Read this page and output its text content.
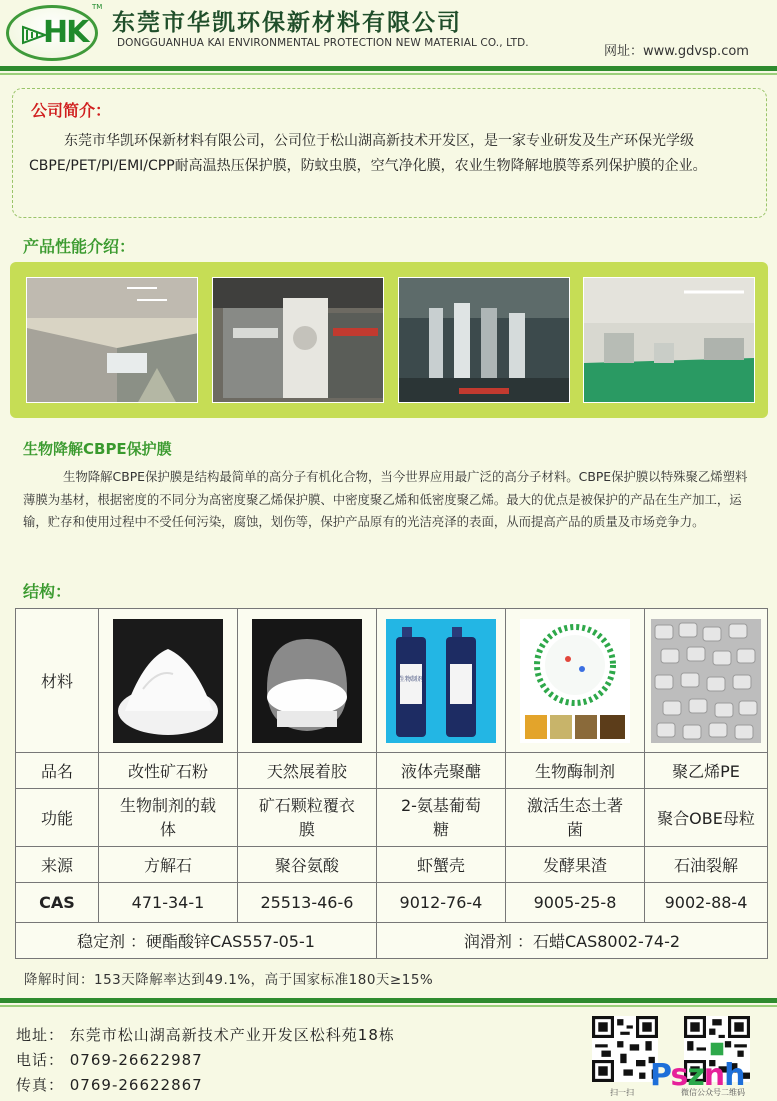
HK
TM
东莞市华凯环保新材料有限公司
DONGGUANHUA KAI ENVIRONMENTAL PROTECTION NEW MATERIAL CO., LTD.
网址：www.gdvsp.com
公司简介：
东莞市华凯环保新材料有限公司，公司位于松山湖高新技术开发区，是一家专业研发及生产环保光学级CBPE/PET/PI/EMI/CPP耐高温热压保护膜，防蚊虫膜，空气净化膜，农业生物降解地膜等系列保护膜的企业。
产品性能介绍：
生物降解CBPE保护膜
生物降解CBPE保护膜是结构最简单的高分子有机化合物，当今世界应用最广泛的高分子材料。CBPE保护膜以特殊聚乙烯塑料薄膜为基材，根据密度的不同分为高密度聚乙烯保护膜、中密度聚乙烯和低密度聚乙烯。最大的优点是被保护的产品在生产加工，运输，贮存和使用过程中不受任何污染，腐蚀，划伤等，保护产品原有的光洁亮泽的表面，从而提高产品的质量及市场竞争力。
结构：
材料			生物制剂

品名	改性矿石粉	天然展着胶	液体壳聚醣	生物酶制剂	聚乙烯PE
功能	生物制剂的载体	矿石颗粒覆衣膜	2-氨基葡萄糖	激活生态土著菌	聚合OBE母粒
来源	方解石	聚谷氨酸	虾蟹壳	发酵果渣	石油裂解
CAS	471-34-1	25513-46-6	9012-76-4	9005-25-8	9002-88-4
稳定剂 ：硬酯酸锌CAS557-05-1			润滑剂 ：石蜡CAS8002-74-2		
降解时间：153天降解率达到49.1%，高于国家标准180天≥15%
地址： 东莞市松山湖高新技术产业开发区松科苑18栋
电话： 0769-26622987
传真： 0769-26622867	扫一扫	微信公众号二维码
Psznh
